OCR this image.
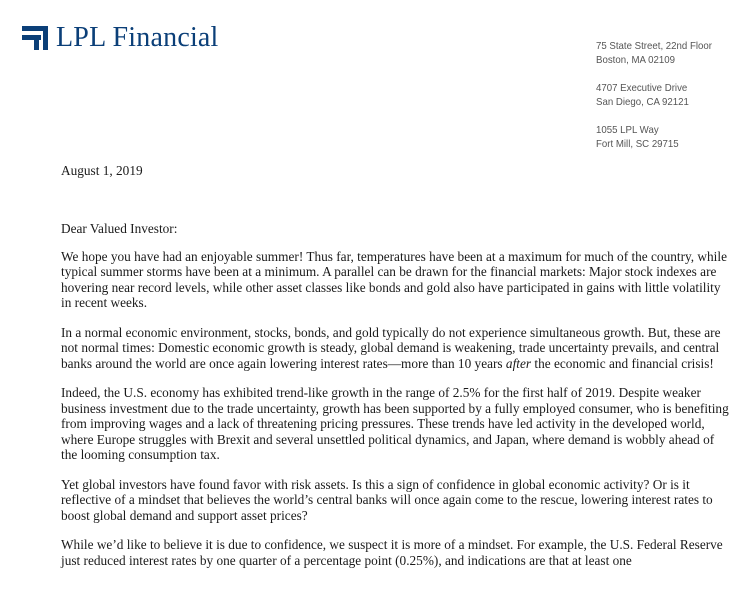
LPL Financial	75 State Street, 22nd Floor
Boston, MA 02109
4707 Executive Drive
San Diego, CA 92121
1055 LPL Way
Fort Mill, SC 29715
August 1, 2019

Dear Valued Investor:

We hope you have had an enjoyable summer! Thus far, temperatures have been at a maximum for much of the country, while typical summer storms have been at a minimum. A parallel can be drawn for the financial markets: Major stock indexes are hovering near record levels, while other asset classes like bonds and gold also have participated in gains with little volatility in recent weeks.

In a normal economic environment, stocks, bonds, and gold typically do not experience simultaneous growth. But, these are not normal times: Domestic economic growth is steady, global demand is weakening, trade uncertainty prevails, and central banks around the world are once again lowering interest rates—more than 10 years after the economic and financial crisis!

Indeed, the U.S. economy has exhibited trend-like growth in the range of 2.5% for the first half of 2019. Despite weaker business investment due to the trade uncertainty, growth has been supported by a fully employed consumer, who is benefiting from improving wages and a lack of threatening pricing pressures. These trends have led activity in the developed world, where Europe struggles with Brexit and several unsettled political dynamics, and Japan, where demand is wobbly ahead of the looming consumption tax.

Yet global investors have found favor with risk assets. Is this a sign of confidence in global economic activity? Or is it reflective of a mindset that believes the world’s central banks will once again come to the rescue, lowering interest rates to boost global demand and support asset prices?

While we’d like to believe it is due to confidence, we suspect it is more of a mindset. For example, the U.S. Federal Reserve just reduced interest rates by one quarter of a percentage point (0.25%), and indications are that at least one
